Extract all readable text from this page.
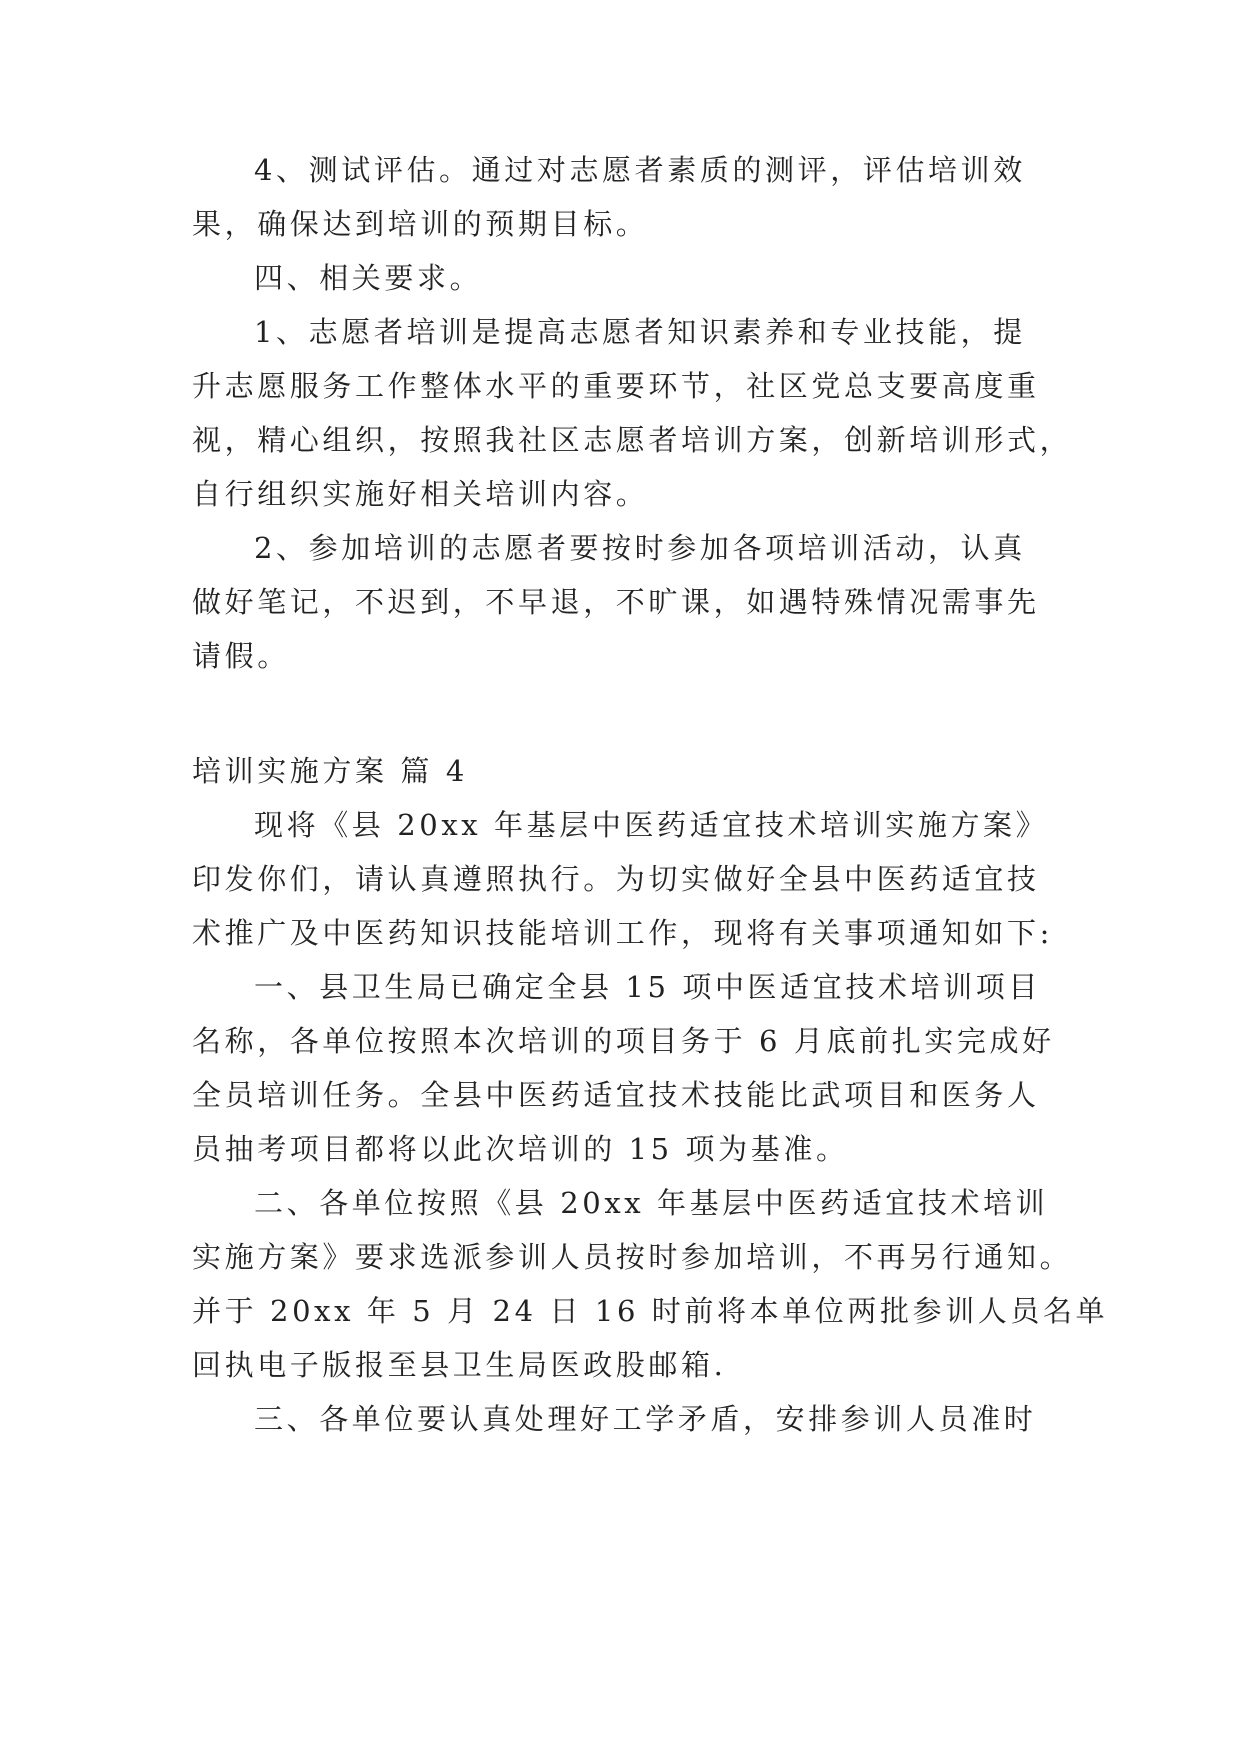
4、测试评估。通过对志愿者素质的测评，评估培训效
果，确保达到培训的预期目标。
四、相关要求。
1、志愿者培训是提高志愿者知识素养和专业技能，提
升志愿服务工作整体水平的重要环节，社区党总支要高度重
视，精心组织，按照我社区志愿者培训方案，创新培训形式，
自行组织实施好相关培训内容。
2、参加培训的志愿者要按时参加各项培训活动，认真
做好笔记，不迟到，不早退，不旷课，如遇特殊情况需事先
请假。
培训实施方案 篇 4
现将《县 20xx 年基层中医药适宜技术培训实施方案》
印发你们，请认真遵照执行。为切实做好全县中医药适宜技
术推广及中医药知识技能培训工作，现将有关事项通知如下:
一、县卫生局已确定全县 15 项中医适宜技术培训项目
名称，各单位按照本次培训的项目务于 6 月底前扎实完成好
全员培训任务。全县中医药适宜技术技能比武项目和医务人
员抽考项目都将以此次培训的 15 项为基准。
二、各单位按照《县 20xx 年基层中医药适宜技术培训
实施方案》要求选派参训人员按时参加培训，不再另行通知。
并于 20xx 年 5 月 24 日 16 时前将本单位两批参训人员名单
回执电子版报至县卫生局医政股邮箱.
三、各单位要认真处理好工学矛盾，安排参训人员准时
